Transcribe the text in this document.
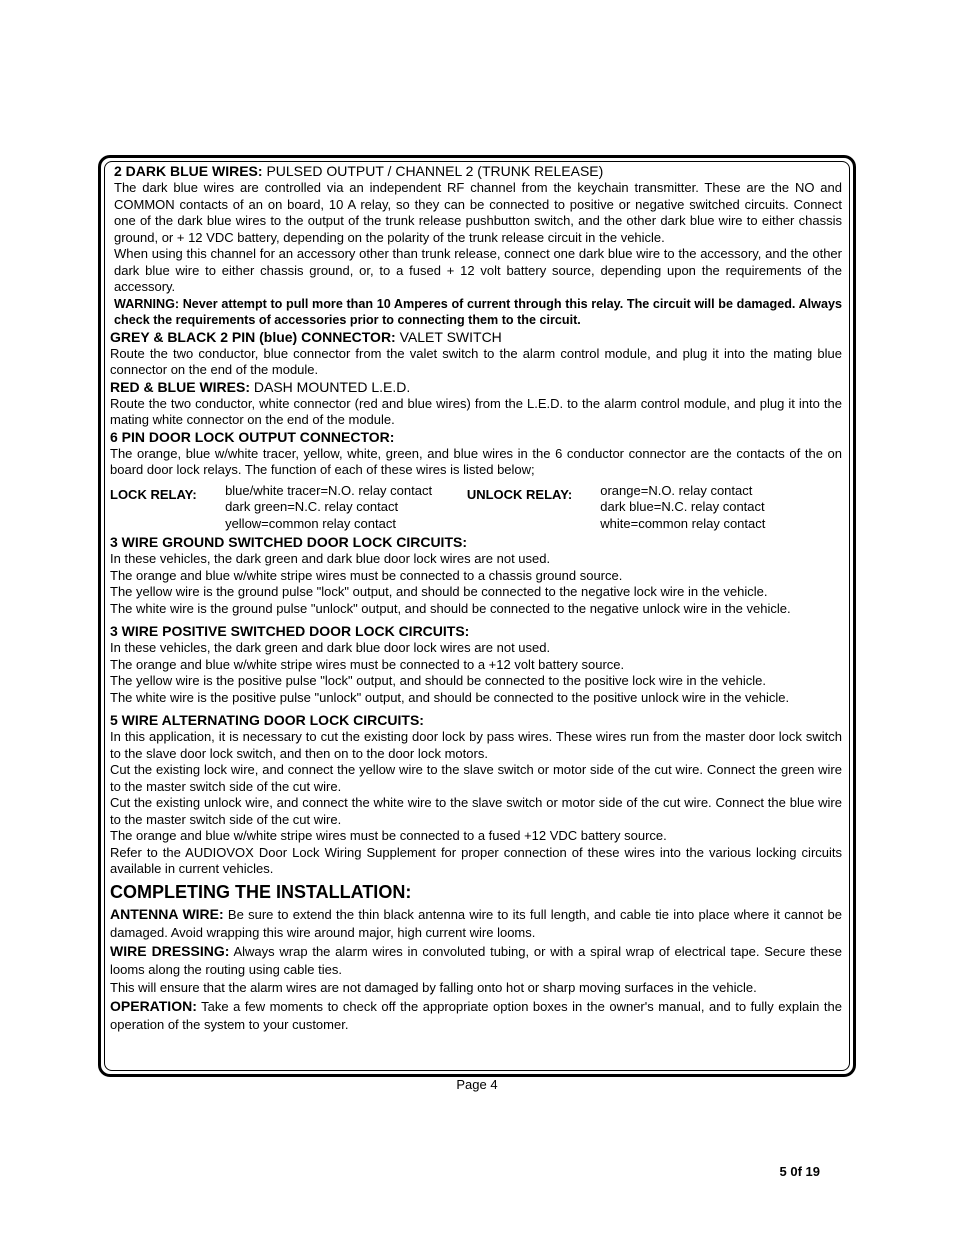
2 DARK BLUE WIRES: PULSED OUTPUT / CHANNEL 2 (TRUNK RELEASE)

The dark blue wires are controlled via an independent RF channel from the keychain transmitter. These are the NO and COMMON contacts of an on board, 10 A relay, so they can be connected to positive or negative switched circuits. Connect one of the dark blue wires to the output of the trunk release pushbutton switch, and the other dark blue wire to either chassis ground, or + 12 VDC battery, depending on the polarity of the trunk release circuit in the vehicle.

When using this channel for an accessory other than trunk release, connect one dark blue wire to the accessory, and the other dark blue wire to either chassis ground, or, to a fused + 12 volt battery source, depending upon the requirements of the accessory.

WARNING: Never attempt to pull more than 10 Amperes of current through this relay. The circuit will be damaged. Always check the requirements of accessories prior to connecting them to the circuit.

GREY & BLACK 2 PIN (blue) CONNECTOR: VALET SWITCH

Route the two conductor, blue connector from the valet switch to the alarm control module, and plug it into the mating blue connector on the end of the module.

RED & BLUE WIRES: DASH MOUNTED L.E.D.

Route the two conductor, white connector (red and blue wires) from the L.E.D. to the alarm control module, and plug it into the mating white connector on the end of the module.

6 PIN DOOR LOCK OUTPUT CONNECTOR:

The orange, blue w/white tracer, yellow, white, green, and blue wires in the 6 conductor connector are the contacts of the on board door lock relays. The function of each of these wires is listed below;

LOCK RELAY:	blue/white tracer=N.O. relay contact
dark green=N.C. relay contact
yellow=common relay contact
UNLOCK RELAY:	orange=N.O. relay contact
dark blue=N.C. relay contact
white=common relay contact
3 WIRE GROUND SWITCHED DOOR LOCK CIRCUITS:
In these vehicles, the dark green and dark blue door lock wires are not used.
The orange and blue w/white stripe wires must be connected to a chassis ground source.
The yellow wire is the ground pulse "lock" output, and should be connected to the negative lock wire in the vehicle.
The white wire is the ground pulse "unlock" output, and should be connected to the negative unlock wire in the vehicle.
3 WIRE POSITIVE SWITCHED DOOR LOCK CIRCUITS:
In these vehicles, the dark green and dark blue door lock wires are not used.
The orange and blue w/white stripe wires must be connected to a +12 volt battery source.
The yellow wire is the positive pulse "lock" output, and should be connected to the positive lock wire in the vehicle.
The white wire is the positive pulse "unlock" output, and should be connected to the positive unlock wire in the vehicle.
5 WIRE ALTERNATING DOOR LOCK CIRCUITS:

In this application, it is necessary to cut the existing door lock by pass wires. These wires run from the master door lock switch to the slave door lock switch, and then on to the door lock motors.

Cut the existing lock wire, and connect the yellow wire to the slave switch or motor side of the cut wire. Connect the green wire to the master switch side of the cut wire.

Cut the existing unlock wire, and connect the white wire to the slave switch or motor side of the cut wire. Connect the blue wire to the master switch side of the cut wire.

The orange and blue w/white stripe wires must be connected to a fused +12 VDC battery source.

Refer to the AUDIOVOX Door Lock Wiring Supplement for proper connection of these wires into the various locking circuits available in current vehicles.

COMPLETING THE INSTALLATION:

ANTENNA WIRE: Be sure to extend the thin black antenna wire to its full length, and cable tie into place where it cannot be damaged. Avoid wrapping this wire around major, high current wire looms.

WIRE DRESSING: Always wrap the alarm wires in convoluted tubing, or with a spiral wrap of electrical tape. Secure these looms along the routing using cable ties.

This will ensure that the alarm wires are not damaged by falling onto hot or sharp moving surfaces in the vehicle.

OPERATION: Take a few moments to check off the appropriate option boxes in the owner's manual, and to fully explain the operation of the system to your customer.

Page 4
5 0f 19
